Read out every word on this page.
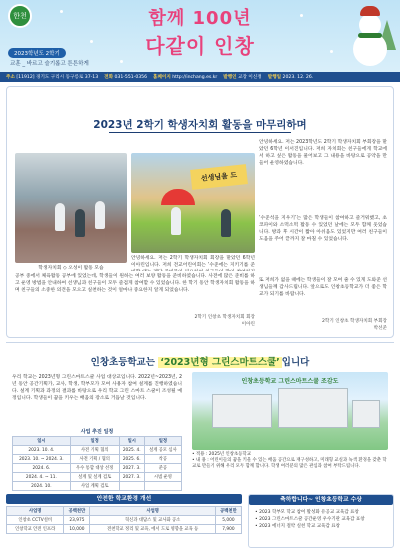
한천	함께 100년
다같이 인창
2023학년도 2학기
교훈 _ 바르고 슬기롭고 튼튼하게
주소 [11912] 경기도 구리시 동구릉로 37-13 전화 031-551-0356 홈페이지 http://inchang.es.kr 발행인 교장 이신정 발행일 2023. 12. 26.
2023년 2학기 학생자치회 활동을 마무리하며
학생자치회 ◇ 오성이 활동 모습
선생님을 드
공부 중에서 체육활동 공부에 있었는데, 학생들이 원하는 여러 보양 활동을 준비하였습니다. 사전에 많은 준비를 하고 운영 방법을 안내하여 선생님과 친구들이 모두 즐겁게 참여할 수 있었습니다. 한 학기 동안 학생자치회 활동을 하며 친구들의 소중한 의견을 모으고 실천하는 것이 얼마나 중요한지 알게 되었습니다.
2학기 인창초 학생자치회 회장
이아린
안녕하세요. 저는 2023학년도 2학기 학생자치회 부회장을 맡았던 6학년 이서진입니다. 저희 자치회는 친구들에게 학교에서 하고 싶은 활동을 물어보고 그 내용을 바탕으로 공약을 만들어 운영하였습니다.
‘수준석을 지우기’는 많은 학생들이 참여하고 즐거워했고, 초코파이와 소떡소떡 활동 수 있었던 날에는 모두 함께 웃었습니다. 방과 후 시간이 짧아 아쉬움도 있었지만 여러 친구들이 도움을 주어 끝까지 잘 마칠 수 있었습니다.
또 저희가 없을 때에는 학생들이 잘 모여 줄 수 있게 도와준 선생님들께 감사드립니다. 앞으로도 인창초등학교가 더 좋은 학교가 되기를 바랍니다.
2학기 인창초 학생자치회 부회장
박선준
안녕하세요. 저는 2학기 학생자치회 회장을 맡았던 6학년 이아린입니다. 저희 전교어린이회는 ‘수준에는 지키기를 준
인창초등학교는 ‘2023년형 그린스마트스쿨’ 입니다
우리 학교는 2023년형 그린스마트스쿨 사업 대상교입니다. 2022년~2023년, 2년 동안 공간기획가, 교사, 학생, 학부모가 모여 사용자 참여 설계를 진행하였습니다. 설계 기획과 과정의 결과를 바탕으로 우리 학교 그린 스마트 스쿨이 조성될 예정입니다. 학생들이 꿈을 키우는 배움의 장소로 거듭날 것입니다.
사업 추진 일정
일시	일정	일시	일정
2023. 10. 4.	사전 기획 협의	2025. 4.	설계 공모 심사
2023. 10. ~ 2024. 3.	사전 기획 / 협의	2025. 6.	착공
2024. 6.	우수 통합 대상 선정	2027. 3.	준공
2024. 4. ~ 11.	설계 및 설계 검토	2027. 3.	시범 운영
2024. 10.	사업 계획 검토		
인창초등학교 그린스마트스쿨 조감도
• 적용 : 2025년 인창초등학교
• 내 용 : 어린이들의 꿈을 키울 수 있는 배움 공간으로 재구성하고, 미래형 교실과 녹색 환경을 갖춘 학교로 만들기 위해 우리 모두 함께 합니다. 학생 여러분의 많은 관심과 참여 부탁드립니다.
안전한 학교환경 개선
사업명	공백천만	사업명	공백천만
인창초 CCTV설비	23,975	혁신과 대담스 및 교사화 공소	5,000
인창학교 안전 인프라	10,000	전천학교 정리 및 교육, 에서 도로 영향을 교육 등	7,900
축하합니다~ 인창초등학교 수상
• 2023 학부모 학교 참여 활성화 유공교 교육감 표창
• 2023 그린스마트스쿨 공간운영 우수기관 교육감 표창
• 2023 에너지 절약 실천 학교 교육감 표창
